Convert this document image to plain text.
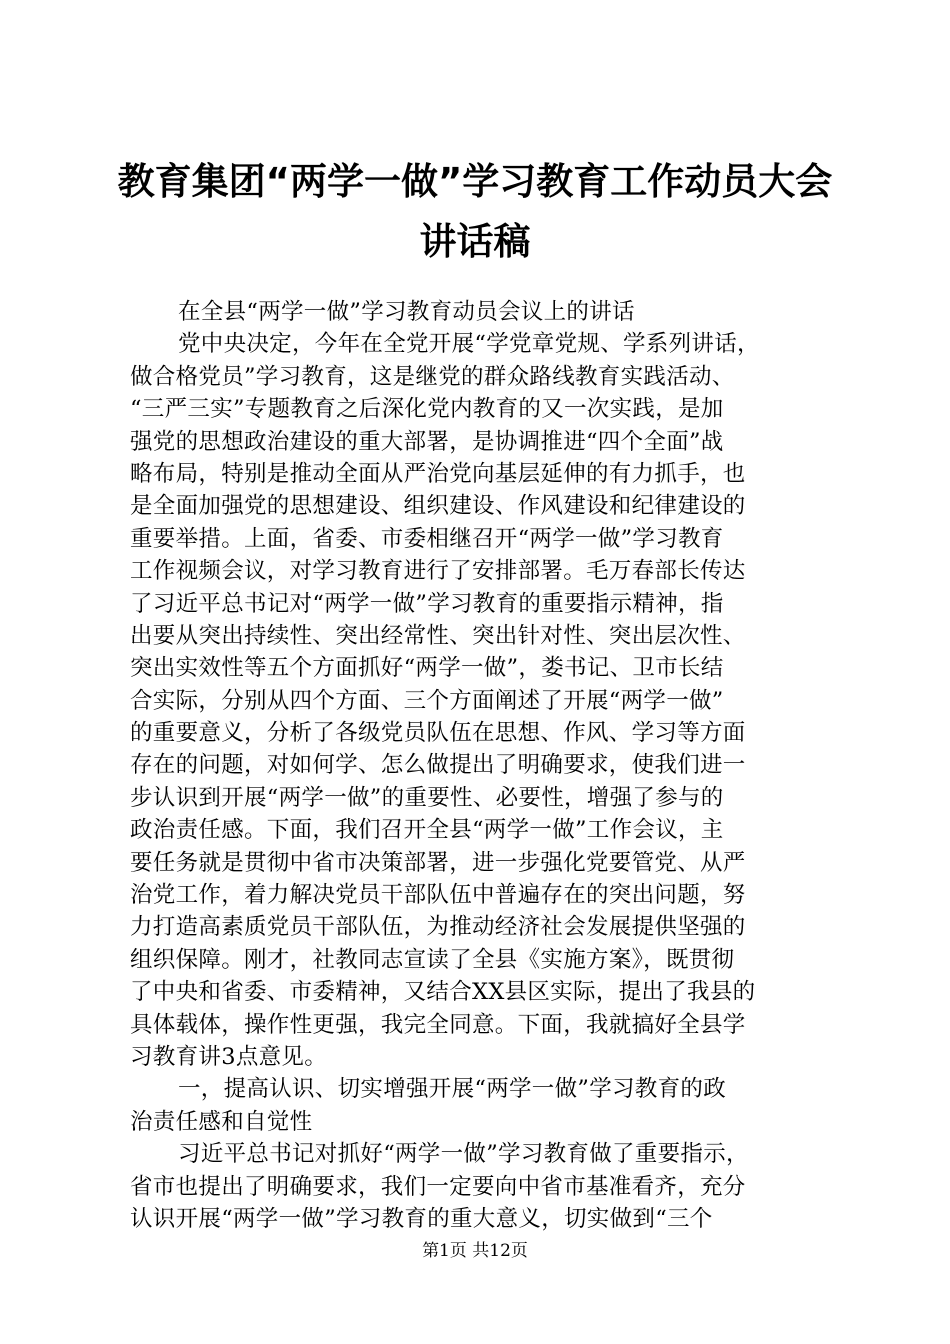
教育集团“两学一做”学习教育工作动员大会
讲话稿
在全县“两学一做”学习教育动员会议上的讲话
党中央决定，今年在全党开展“学党章党规、学系列讲话，
做合格党员”学习教育，这是继党的群众路线教育实践活动、
“三严三实”专题教育之后深化党内教育的又一次实践，是加
强党的思想政治建设的重大部署，是协调推进“四个全面”战
略布局，特别是推动全面从严治党向基层延伸的有力抓手，也
是全面加强党的思想建设、组织建设、作风建设和纪律建设的
重要举措。上面，省委、市委相继召开“两学一做”学习教育
工作视频会议，对学习教育进行了安排部署。毛万春部长传达
了习近平总书记对“两学一做”学习教育的重要指示精神，指
出要从突出持续性、突出经常性、突出针对性、突出层次性、
突出实效性等五个方面抓好“两学一做”，娄书记、卫市长结
合实际，分别从四个方面、三个方面阐述了开展“两学一做”
的重要意义，分析了各级党员队伍在思想、作风、学习等方面
存在的问题，对如何学、怎么做提出了明确要求，使我们进一
步认识到开展“两学一做”的重要性、必要性，增强了参与的
政治责任感。下面，我们召开全县“两学一做”工作会议，主
要任务就是贯彻中省市决策部署，进一步强化党要管党、从严
治党工作，着力解决党员干部队伍中普遍存在的突出问题，努
力打造高素质党员干部队伍，为推动经济社会发展提供坚强的
组织保障。刚才，社教同志宣读了全县《实施方案》，既贯彻
了中央和省委、市委精神，又结合XX县区实际，提出了我县的
具体载体，操作性更强，我完全同意。下面，我就搞好全县学
习教育讲3点意见。
一，提高认识、切实增强开展“两学一做”学习教育的政
治责任感和自觉性
习近平总书记对抓好“两学一做”学习教育做了重要指示，
省市也提出了明确要求，我们一定要向中省市基准看齐，充分
认识开展“两学一做”学习教育的重大意义，切实做到“三个
第1页 共12页
